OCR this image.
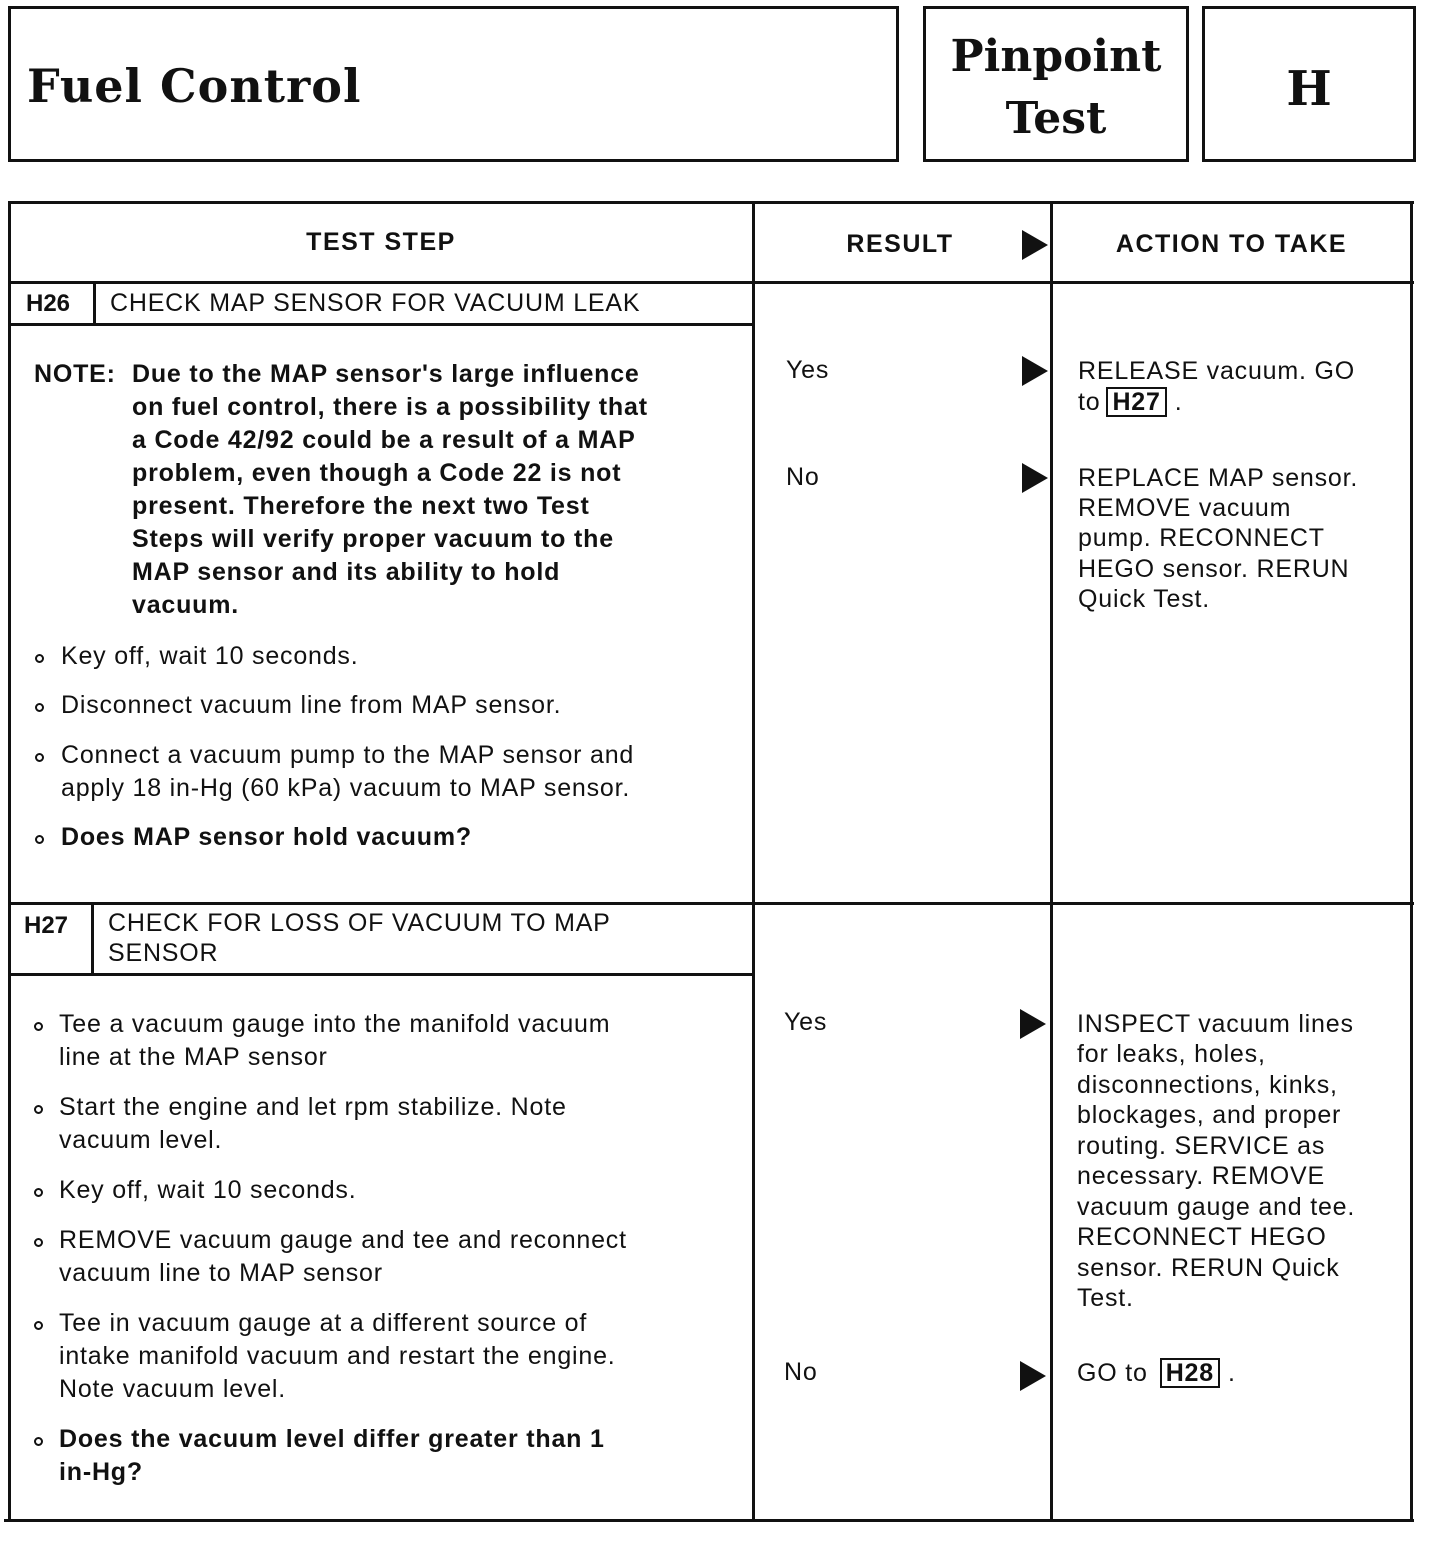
Fuel Control
Pinpoint
Test
H
TEST STEP	RESULT	ACTION TO TAKE
H26 CHECK MAP SENSOR FOR VACUUM LEAK
NOTE: Due to the MAP sensor's large influence
on fuel control, there is a possibility that
a Code 42/92 could be a result of a MAP
problem, even though a Code 22 is not
present. Therefore the next two Test
Steps will verify proper vacuum to the
MAP sensor and its ability to hold
vacuum.
Key off, wait 10 seconds.
Disconnect vacuum line from MAP sensor.
Connect a vacuum pump to the MAP sensor and
apply 18 in-Hg (60 kPa) vacuum to MAP sensor.
Does MAP sensor hold vacuum?
Yes	RELEASE vacuum. GO
to H27 .
No	REPLACE MAP sensor.
REMOVE vacuum
pump. RECONNECT
HEGO sensor. RERUN
Quick Test.
H27 CHECK FOR LOSS OF VACUUM TO MAP
SENSOR
Tee a vacuum gauge into the manifold vacuum
line at the MAP sensor
Start the engine and let rpm stabilize. Note
vacuum level.
Key off, wait 10 seconds.
REMOVE vacuum gauge and tee and reconnect
vacuum line to MAP sensor
Tee in vacuum gauge at a different source of
intake manifold vacuum and restart the engine.
Note vacuum level.
Does the vacuum level differ greater than 1
in-Hg?
Yes	INSPECT vacuum lines
for leaks, holes,
disconnections, kinks,
blockages, and proper
routing. SERVICE as
necessary. REMOVE
vacuum gauge and tee.
RECONNECT HEGO
sensor. RERUN Quick
Test.
No	GO to H28 .
